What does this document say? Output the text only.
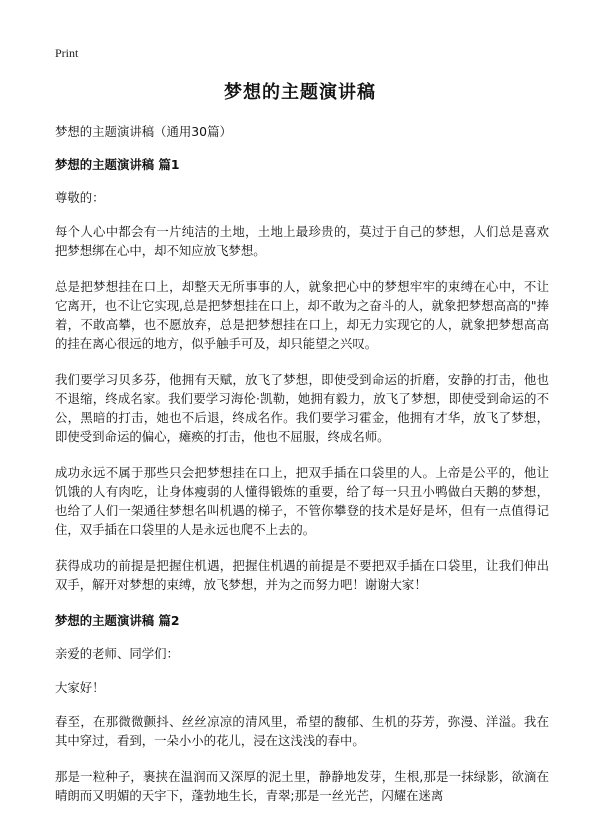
Print
梦想的主题演讲稿

梦想的主题演讲稿（通用30篇）

梦想的主题演讲稿 篇1

尊敬的：

每个人心中都会有一片纯洁的土地，土地上最珍贵的，莫过于自己的梦想，人们总是喜欢把梦想绑在心中，却不知应放飞梦想。

总是把梦想挂在口上，却整天无所事事的人，就象把心中的梦想牢牢的束缚在心中，不让它离开，也不让它实现,总是把梦想挂在口上，却不敢为之奋斗的人，就象把梦想高高的"捧着，不敢高攀，也不愿放弃，总是把梦想挂在口上，却无力实现它的人，就象把梦想高高的挂在离心很远的地方，似乎触手可及，却只能望之兴叹。

我们要学习贝多芬，他拥有天赋，放飞了梦想，即使受到命运的折磨，安静的打击，他也不退缩，终成名家。我们要学习海伦·凯勒，她拥有毅力，放飞了梦想，即使受到命运的不公，黑暗的打击，她也不后退，终成名作。我们要学习霍金，他拥有才华，放飞了梦想，即使受到命运的偏心，瘫痪的打击，他也不屈服，终成名师。

成功永远不属于那些只会把梦想挂在口上，把双手插在口袋里的人。上帝是公平的，他让饥饿的人有肉吃，让身体瘦弱的人懂得锻炼的重要，给了每一只丑小鸭做白天鹅的梦想，也给了人们一架通往梦想名叫机遇的梯子，不管你攀登的技术是好是坏，但有一点值得记住，双手插在口袋里的人是永远也爬不上去的。

获得成功的前提是把握住机遇，把握住机遇的前提是不要把双手插在口袋里，让我们伸出双手，解开对梦想的束缚，放飞梦想，并为之而努力吧！谢谢大家！

梦想的主题演讲稿 篇2

亲爱的老师、同学们：

大家好！

春至，在那微微颤抖、丝丝凉凉的清风里，希望的馥郁、生机的芬芳，弥漫、洋溢。我在其中穿过，看到，一朵小小的花儿，浸在这浅浅的春中。

那是一粒种子，裹挟在温润而又深厚的泥土里，静静地发芽，生根,那是一抹绿影，欲滴在晴朗而又明媚的天宇下，蓬勃地生长，青翠;那是一丝光芒，闪耀在迷离
